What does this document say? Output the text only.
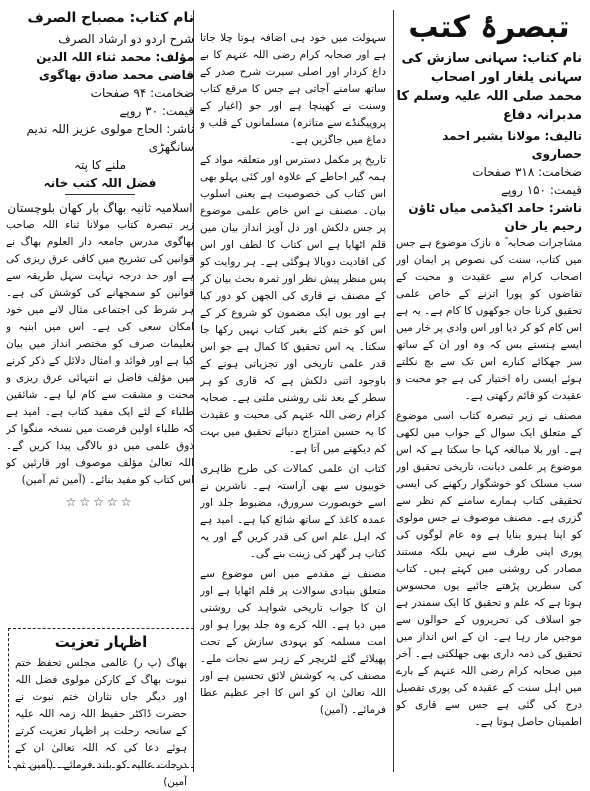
تبصرۂ کتب

نام کتاب: سہانی سازش کی سہانی یلغار اور اصحاب محمد صلی اللہ علیہ وسلم کا مدبرانہ دفاع

تالیف: مولانا بشیر احمد حصاروی

ضخامت: ۳۱۸ صفحات

قیمت: ۱۵۰ روپے

ناشر: حامد اکیڈمی میاں ٹاؤن رحیم یار خان

مشاجرات صحابہ ؓ ہ نازک موضوع ہے جس میں کتاب، سنت کی نصوص پر ایمان اور اصحاب کرام سے عقیدت و محبت کے تقاضوں کو پورا اترنے کے خاص علمی تحقیق کرنا جان جوکھوں کا کام ہے۔ یہ ہے اس کام کو کر دیا اور اس وادی پر خار میں ایسے ہنستے بس کہ وہ اور ان کے ساتھ سر جھکائے کنارے اس تک سے بچ نکلتے ہوئے ایسی راہ اختیار کی ہے جو محبت و عقیدت کو قائم رکھتی ہے۔

مصنف نے زیر تبصرہ کتاب اسی موضوع کے متعلق ایک سوال کے جواب میں لکھی ہے۔ اور بلا مبالغہ کہا جا سکتا ہے کہ اس موضوع پر علمی دیانت، تاریخی تحقیق اور سب مسلک کو خوشگوار رکھنے کی ایسی تحقیقی کتاب ہمارے سامنے کم نظر سے گزری ہے۔ مصنف موصوف نے جس مولوی کو اپنا ہیرو بنایا ہے وہ عام لوگوں کی پوری اپنی طرف سے نہیں بلکہ مستند مصادر کی روشنی میں کہتے ہیں۔ کتاب کی سطریں پڑھتے جائیے یوں محسوس ہوتا ہے کہ علم و تحقیق کا ایک سمندر ہے جو اسلاف کی تحریروں کے حوالوں سے موجیں مار رہا ہے۔ ان کے اس انداز میں تحقیق کی ذمہ داری بھی جھلکتی ہے۔ آخر میں صحابہ کرام رضی اللہ عنہم کے بارے میں اہل سنت کے عقیدہ کی پوری تفصیل درج کی گئی ہے جس سے قاری کو اطمینان حاصل ہوتا ہے۔

سہولت میں خود ہی اضافہ ہوتا چلا جاتا ہے اور صحابہ کرام رضی اللہ عنہم کا بے داغ کردار اور اصلی سیرت شرح صدر کے ساتھ سامنے آجاتی ہے جس کا مرقع کتاب وسنت نے کھینچا ہے اور جو (اغیار کے پروپیگنڈے سے متاثرہ) مسلمانوں کے قلب و دماغ میں جاگزیں ہے۔

تاریخ پر مکمل دسترس اور متعلقہ مواد کے ہمہ گیر احاطے کے علاوہ اور کئی پہلو بھی اس کتاب کی خصوصیت ہے یعنی اسلوب بیان۔ مصنف نے اس خاص علمی موضوع پر جس دلکش اور دل آویز انداز بیان میں قلم اٹھایا ہے اس کتاب کا لطف اور اس کی افادیت دوبالا ہوگئی ہے۔ ہر روایت کو پس منظر پیش نظر اور ثمرہ بحث بیان کر کے مصنف نے قاری کی الجھن کو دور کیا ہے اور یوں ایک مضمون کو شروع کر کے اس کو ختم کئے بغیر کتاب نہیں رکھا جا سکتا۔ یہ اس تحقیق کا کمال ہے جو اس قدر علمی تاریخی اور تجزیاتی ہونے کے باوجود اتنی دلکش ہے کہ قاری کو ہر سطر کے بعد نئی روشنی ملتی ہے۔ صحابہ کرام رضی اللہ عنہم کی محبت و عقیدت کا یہ حسین امتزاج دنیائے تحقیق میں بہت کم دیکھنے میں آتا ہے۔

کتاب ان علمی کمالات کی طرح ظاہری خوبیوں سے بھی آراستہ ہے۔ ناشرین نے اسے خوبصورت سرورق، مضبوط جلد اور عمدہ کاغذ کے ساتھ شائع کیا ہے۔ امید ہے کہ اہل علم اس کی قدر کریں گے اور یہ کتاب ہر گھر کی زینت بنے گی۔

مصنف نے مقدمے میں اس موضوع سے متعلق بنیادی سوالات پر قلم اٹھایا ہے اور ان کا جواب تاریخی شواہد کی روشنی میں دیا ہے۔ اللہ کرے وہ جلد پورا ہو اور امت مسلمہ کو یہودی سازش کے تحت پھیلائے گئے لٹریچر کے زہر سے نجات ملے۔ مصنف کی یہ کوشش لائق تحسین ہے اور اللہ تعالیٰ ان کو اس کا اجر عظیم عطا فرمائے۔ (آمین)

نام کتاب: مصباح الصرف

شرح اردو دو ارشاد الصرف

مؤلف: محمد ثناء اللہ الدین قاضی محمد صادق بھاگوی

ضخامت: ۹۴ صفحات

قیمت: ۳۰ روپے

ناشر: الحاج مولوی عزیز اللہ ندیم سانگھڑی

ملنے کا پتہ

فضل اللہ کتب خانہ

اسلامیہ ثانیہ بھاگ بار کھان بلوچستان

زیر تبصرہ کتاب مولانا ثناء اللہ صاحب بھاگوی مدرس جامعہ دار العلوم بھاگ نے قوانین کی تشریح میں کافی عرق ریزی کی ہے اور حد درجہ نہایت سہل طریقہ سے قوانین کو سمجھانے کی کوشش کی ہے۔ ہر شرط کی اجتماعی مثال لانے میں خود امکان سعی کی ہے۔ اس میں ابنیہ و تعلیمات صرف کو مختصر انداز میں بیان کیا ہے اور فوائد و امثال دلائل کے ذکر کرنے میں مؤلف فاضل نے انتہائی عرق ریزی و محنت و مشقت سے کام لیا ہے۔ شائقین طلباء کے لئے ایک مفید کتاب ہے۔ امید ہے کہ طلباء اولین فرصت میں نسخہ منگوا کر ذوق علمی میں دو بالاگی پیدا کریں گے۔ اللہ تعالیٰ مؤلف موصوف اور قارئین کو اس کتاب کو مفید بنائے۔ (آمین ثم آمین)

☆☆☆☆☆
اظہار تعزیت

بھاگ (پ ر) عالمی مجلس تحفظ ختم نبوت بھاگ کے کارکن مولوی فضل اللہ اور دیگر جاں نثاران ختم نبوت نے حضرت ڈاکٹر حفیظ اللہ زمہ اللہ علیہ کے سانحہ رحلت پر اظہار تعزیت کرتے ہوئے دعا کی کہ اللہ تعالیٰ ان کے درجات عالیہ کو بلند فرمائے۔ (آمین ثم آمین)
